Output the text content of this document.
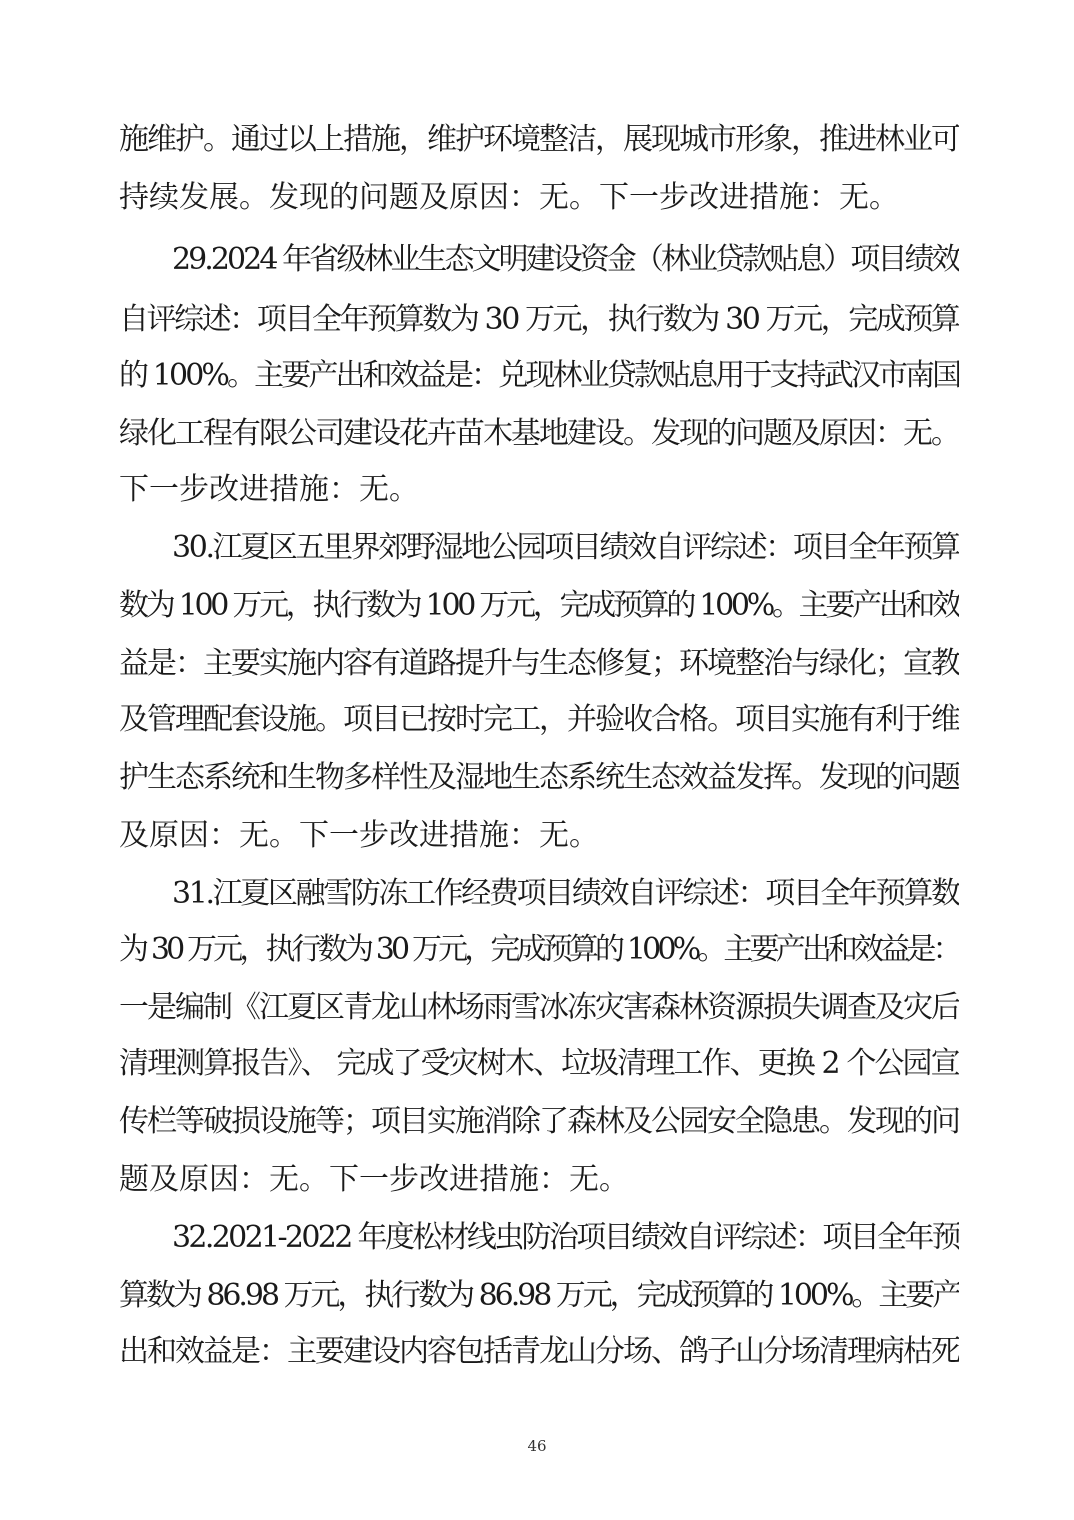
施维护。通过以上措施，维护环境整洁，展现城市形象，推进林业可
持续发展。发现的问题及原因：无。下一步改进措施：无。
29.2024 年省级林业生态文明建设资金（林业贷款贴息）项目绩效
自评综述：项目全年预算数为 30 万元，执行数为 30 万元，完成预算
的 100%。主要产出和效益是：兑现林业贷款贴息用于支持武汉市南国
绿化工程有限公司建设花卉苗木基地建设。发现的问题及原因：无。
下一步改进措施：无。
30.江夏区五里界郊野湿地公园项目绩效自评综述：项目全年预算
数为 100 万元，执行数为 100 万元，完成预算的 100%。主要产出和效
益是：主要实施内容有道路提升与生态修复；环境整治与绿化；宣教
及管理配套设施。项目已按时完工，并验收合格。项目实施有利于维
护生态系统和生物多样性及湿地生态系统生态效益发挥。发现的问题
及原因：无。下一步改进措施：无。
31.江夏区融雪防冻工作经费项目绩效自评综述：项目全年预算数
为 30 万元，执行数为 30 万元，完成预算的 100%。主要产出和效益是：
一是编制《江夏区青龙山林场雨雪冰冻灾害森林资源损失调查及灾后
清理测算报告》、 完成了受灾树木、垃圾清理工作、更换 2 个公园宣
传栏等破损设施等；项目实施消除了森林及公园安全隐患。发现的问
题及原因：无。下一步改进措施：无。
32.2021-2022 年度松材线虫防治项目绩效自评综述：项目全年预
算数为 86.98 万元，执行数为 86.98 万元，完成预算的 100%。主要产
出和效益是：主要建设内容包括青龙山分场、鸽子山分场清理病枯死
46
